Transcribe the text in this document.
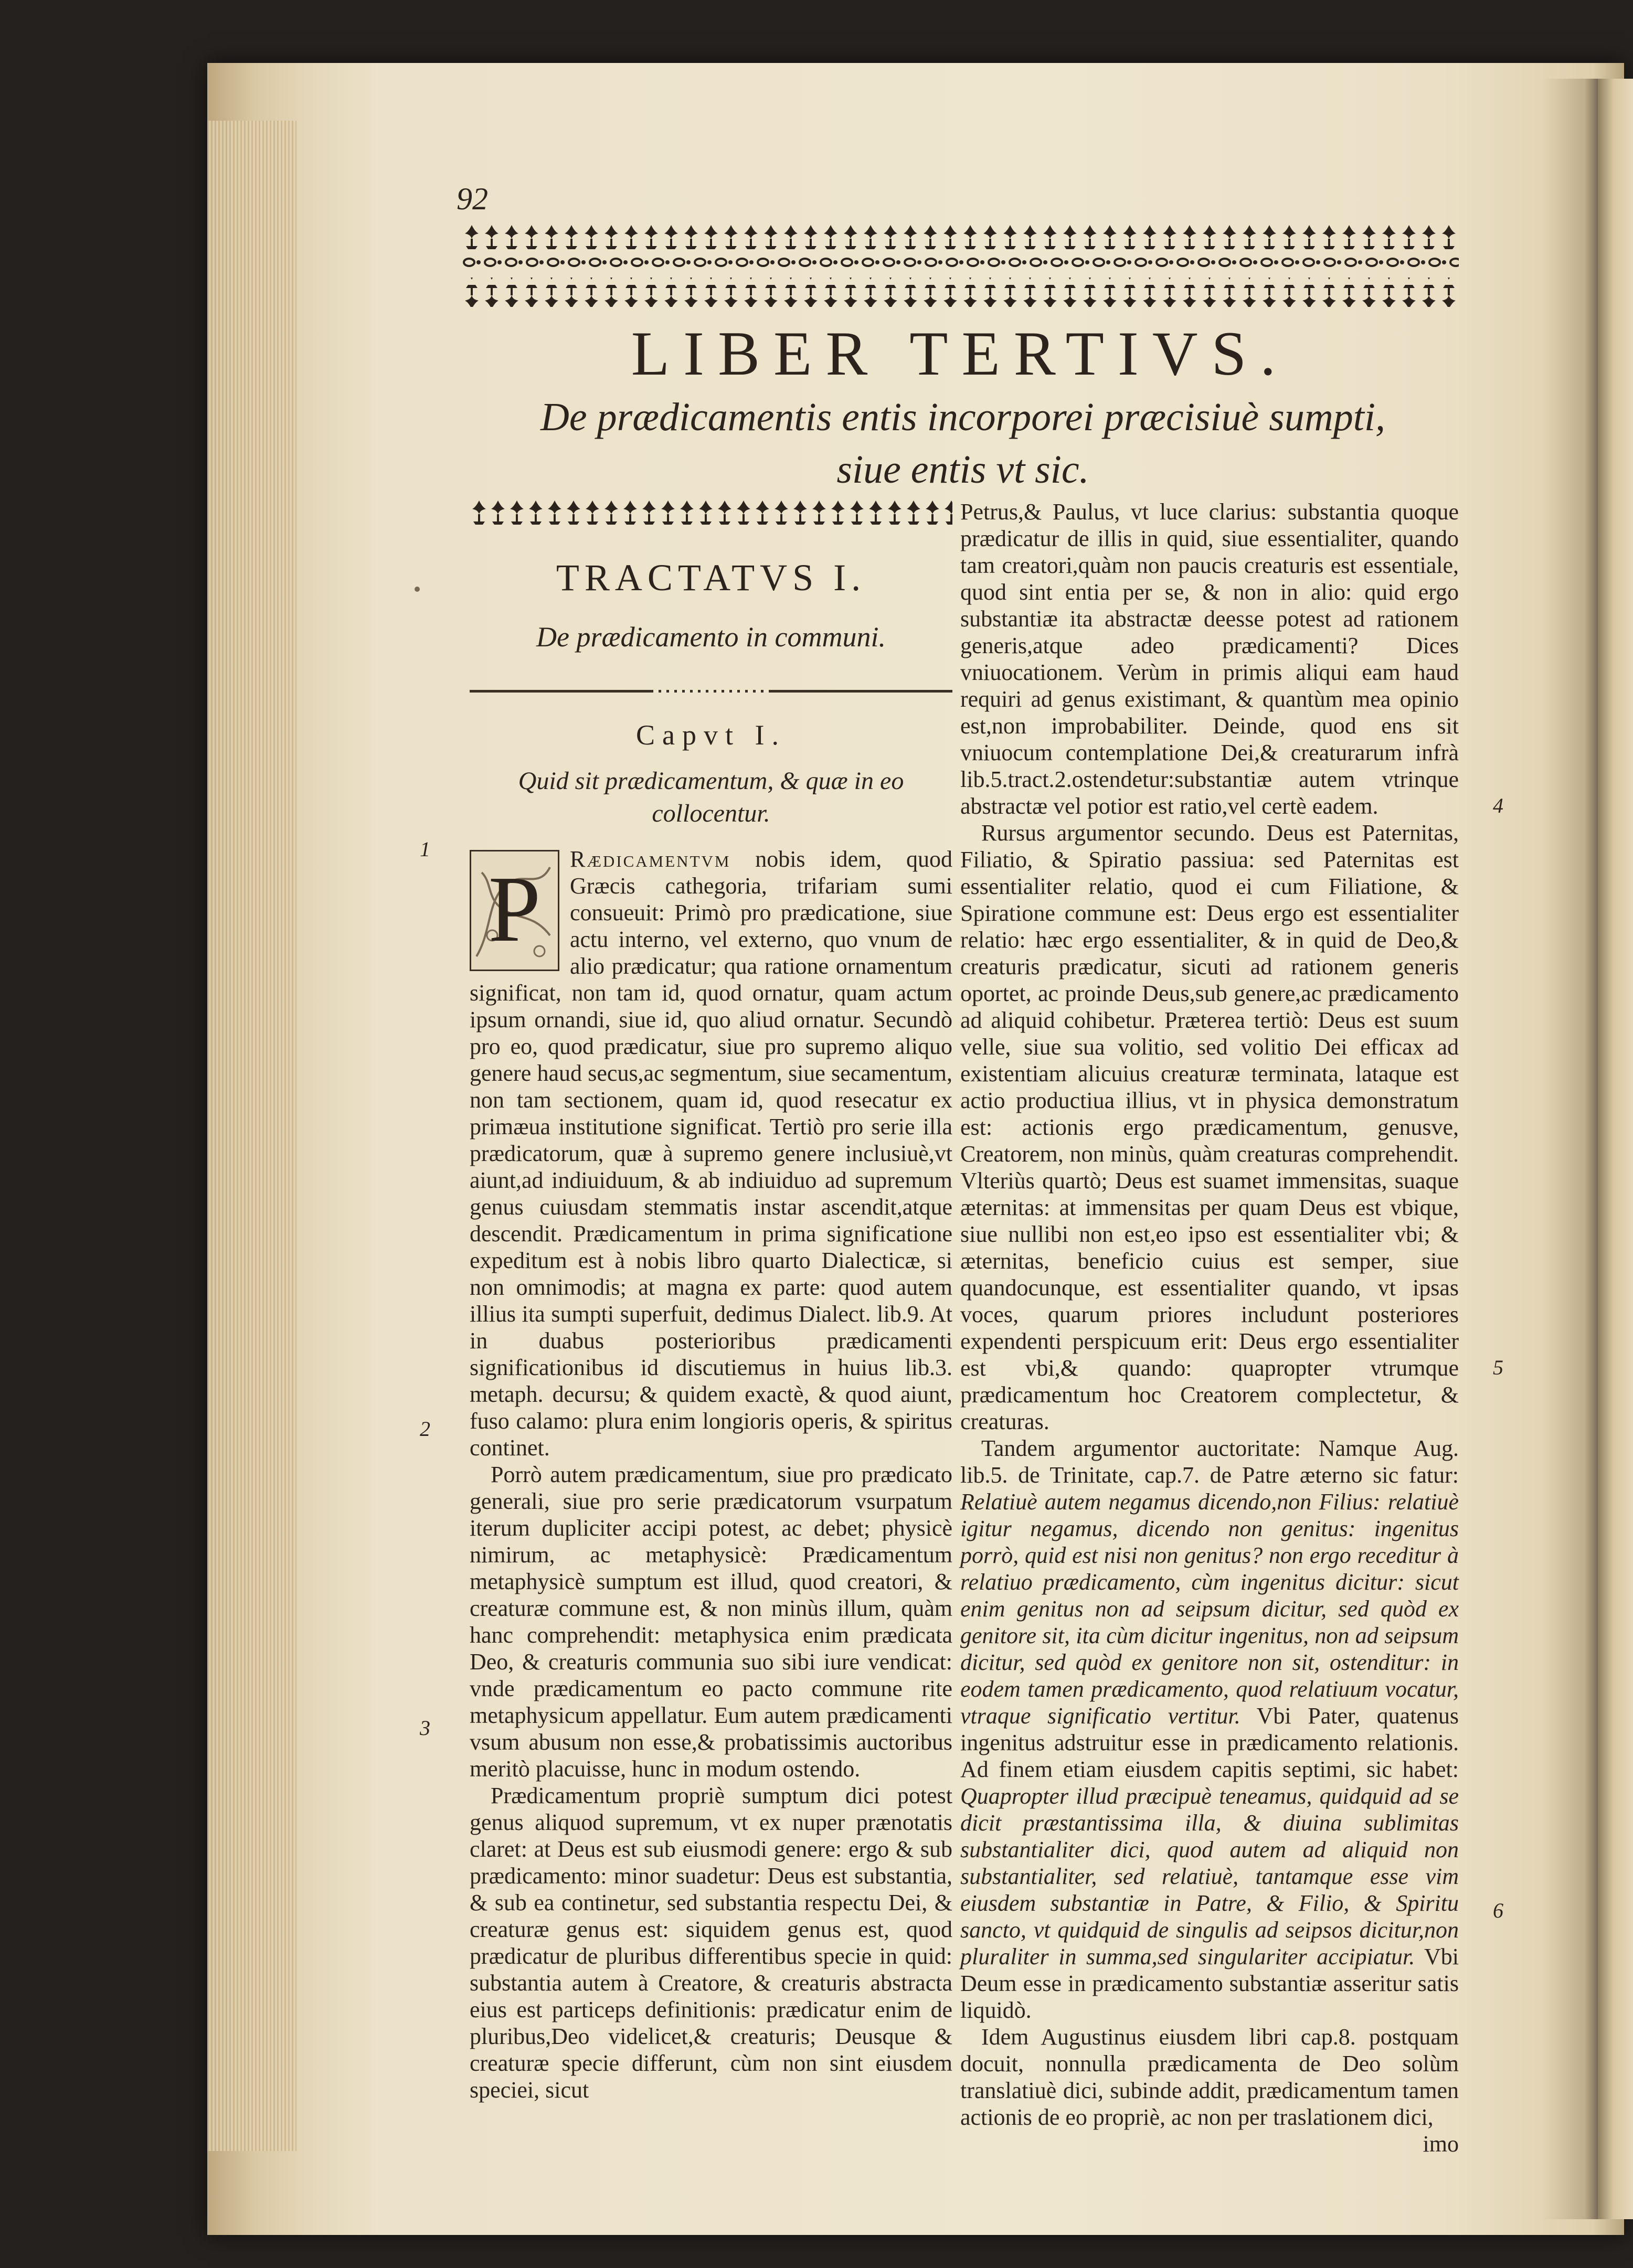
92
LIBER TERTIVS.
De prædicamentis entis incorporei præcisiuè sumpti,
siue entis vt sic.
TRACTATVS I.
De prædicamento in communi.
Capvt I.
Quid sit prædicamentum, & quæ in eo collocentur.

P	Rædicamentvm nobis idem, quod Græcis cathegoria, trifariam sumi consueuit: Primò pro prædicatione, siue actu interno, vel externo, quo vnum de alio prædicatur; qua ratione ornamentum significat, non tam id, quod ornatur, quam actum ipsum ornandi, siue id, quo aliud ornatur. Secundò pro eo, quod prædicatur, siue pro supremo aliquo genere haud secus,ac segmentum, siue secamentum, non tam sectionem, quam id, quod resecatur ex primæua institutione significat. Tertiò pro serie illa prædicatorum, quæ à supremo genere inclusiuè,vt aiunt,ad indiuiduum, & ab indiuiduo ad supremum genus cuiusdam stemmatis instar ascendit,atque descendit. Prædicamentum in prima significatione expeditum est à nobis libro quarto Dialecticæ, si non omnimodis; at magna ex parte: quod autem illius ita sumpti superfuit, dedimus Dialect. lib.9. At in duabus posterioribus prædicamenti significationibus id discutiemus in huius lib.3. metaph. decursu; & quidem exactè, & quod aiunt, fuso calamo: plura enim longioris operis, & spiritus continet.

Porrò autem prædicamentum, siue pro prædicato generali, siue pro serie prædicatorum vsurpatum iterum dupliciter accipi potest, ac debet; physicè nimirum, ac metaphysicè: Prædicamentum metaphysicè sumptum est illud, quod creatori, & creaturæ commune est, & non minùs illum, quàm hanc comprehendit: metaphysica enim prædicata Deo, & creaturis communia suo sibi iure vendicat: vnde prædicamentum eo pacto commune rite metaphysicum appellatur. Eum autem prædicamenti vsum abusum non esse,& probatissimis auctoribus meritò placuisse, hunc in modum ostendo.

Prædicamentum propriè sumptum dici potest genus aliquod supremum, vt ex nuper prænotatis claret: at Deus est sub eiusmodi genere: ergo & sub prædicamento: minor suadetur: Deus est substantia, & sub ea continetur, sed substantia respectu Dei, & creaturæ genus est: siquidem genus est, quod prædicatur de pluribus differentibus specie in quid: substantia autem à Creatore, & creaturis abstracta eius est particeps definitionis: prædicatur enim de pluribus,Deo videlicet,& creaturis; Deusque & creaturæ specie differunt, cùm non sint eiusdem speciei, sicut

Petrus,& Paulus, vt luce clarius: substantia quoque prædicatur de illis in quid, siue essentialiter, quando tam creatori,quàm non paucis creaturis est essentiale, quod sint entia per se, & non in alio: quid ergo substantiæ ita abstractæ deesse potest ad rationem generis,atque adeo prædicamenti? Dices vniuocationem. Verùm in primis aliqui eam haud requiri ad genus existimant, & quantùm mea opinio est,non improbabiliter. Deinde, quod ens sit vniuocum contemplatione Dei,& creaturarum infrà lib.5.tract.2.ostendetur:substantiæ autem vtrinque abstractæ vel potior est ratio,vel certè eadem.

Rursus argumentor secundo. Deus est Paternitas, Filiatio, & Spiratio passiua: sed Paternitas est essentialiter relatio, quod ei cum Filiatione, & Spiratione commune est: Deus ergo est essentialiter relatio: hæc ergo essentialiter, & in quid de Deo,& creaturis prædicatur, sicuti ad rationem generis oportet, ac proinde Deus,sub genere,ac prædicamento ad aliquid cohibetur. Præterea tertiò: Deus est suum velle, siue sua volitio, sed volitio Dei efficax ad existentiam alicuius creaturæ terminata, lataque est actio productiua illius, vt in physica demonstratum est: actionis ergo prædicamentum, genusve, Creatorem, non minùs, quàm creaturas comprehendit. Vlteriùs quartò; Deus est suamet immensitas, suaque æternitas: at immensitas per quam Deus est vbique, siue nullibi non est,eo ipso est essentialiter vbi; & æternitas, beneficio cuius est semper, siue quandocunque, est essentialiter quando, vt ipsas voces, quarum priores includunt posteriores expendenti perspicuum erit: Deus ergo essentialiter est vbi,& quando: quapropter vtrumque prædicamentum hoc Creatorem complectetur, & creaturas.

Tandem argumentor auctoritate: Namque Aug. lib.5. de Trinitate, cap.7. de Patre æterno sic fatur: Relatiuè autem negamus dicendo,non Filius: relatiuè igitur negamus, dicendo non genitus: ingenitus porrò, quid est nisi non genitus? non ergo receditur à relatiuo prædicamento, cùm ingenitus dicitur: sicut enim genitus non ad seipsum dicitur, sed quòd ex genitore sit, ita cùm dicitur ingenitus, non ad seipsum dicitur, sed quòd ex genitore non sit, ostenditur: in eodem tamen prædicamento, quod relatiuum vocatur, vtraque significatio vertitur. Vbi Pater, quatenus ingenitus adstruitur esse in prædicamento relationis. Ad finem etiam eiusdem capitis septimi, sic habet: Quapropter illud præcipuè teneamus, quidquid ad se dicit præstantissima illa, & diuina sublimitas substantialiter dici, quod autem ad aliquid non substantialiter, sed relatiuè, tantamque esse vim eiusdem substantiæ in Patre, & Filio, & Spiritu sancto, vt quidquid de singulis ad seipsos dicitur,non pluraliter in summa,sed singulariter accipiatur. Vbi Deum esse in prædicamento substantiæ asseritur satis liquidò.

Idem Augustinus eiusdem libri cap.8. postquam docuit, nonnulla prædicamenta de Deo solùm translatiuè dici, subinde addit, prædicamentum tamen actionis de eo propriè, ac non per traslationem dici,
imo

1
2
3
4
5
6
